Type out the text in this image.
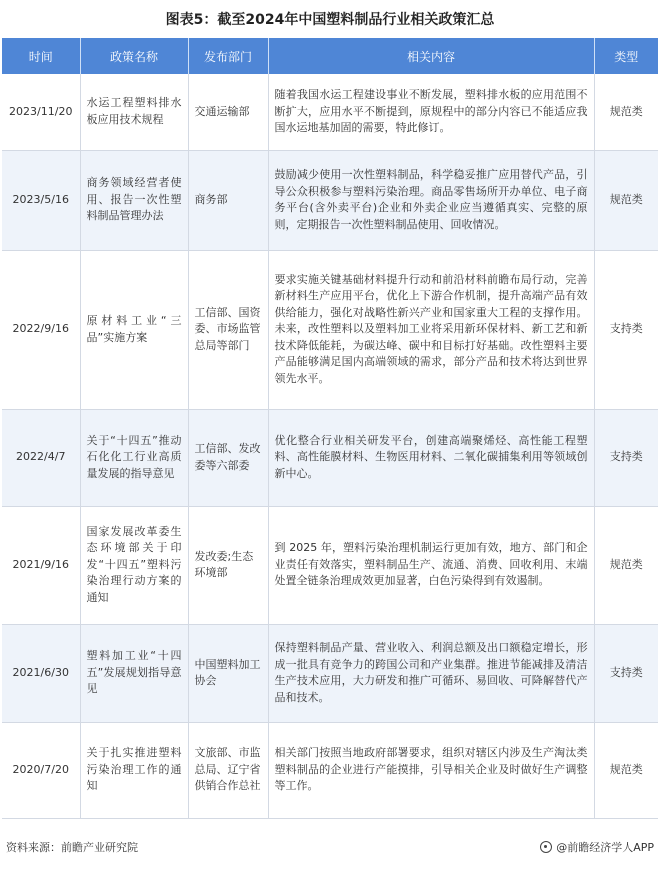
图表5：截至2024年中国塑料制品行业相关政策汇总
时间	政策名称	发布部门	相关内容	类型
2023/11/20	水运工程塑料排水板应用技术规程	交通运输部	随着我国水运工程建设事业不断发展，塑料排水板的应用范围不断扩大，应用水平不断提到，原规程中的部分内容已不能适应我国水运地基加固的需要，特此修订。	规范类
2023/5/16	商务领域经营者使用、报告一次性塑料制品管理办法	商务部	鼓励减少使用一次性塑料制品，科学稳妥推广应用替代产品，引导公众积极参与塑料污染治理。商品零售场所开办单位、电子商务平台(含外卖平台)企业和外卖企业应当遵循真实、完整的原则，定期报告一次性塑料制品使用、回收情况。	规范类
2022/9/16	原材料工业“三品”实施方案	工信部、国资委、市场监管总局等部门	要求实施关键基础材料提升行动和前沿材料前瞻布局行动，完善新材料生产应用平台，优化上下游合作机制，提升高端产品有效供给能力，强化对战略性新兴产业和国家重大工程的支撑作用。未来，改性塑料以及塑料加工业将采用新环保材料、新工艺和新技术降低能耗，为碳达峰、碳中和目标打好基础。改性塑料主要产品能够满足国内高端领域的需求，部分产品和技术将达到世界领先水平。	支持类
2022/4/7	关于“十四五”推动石化化工行业高质量发展的指导意见	工信部、发改委等六部委	优化整合行业相关研发平台，创建高端聚烯烃、高性能工程塑料、高性能膜材料、生物医用材料、二氧化碳捕集利用等领域创新中心。	支持类
2021/9/16	国家发展改革委生态环境部关于印发“十四五”塑料污染治理行动方案的通知	发改委;生态环境部	到 2025 年，塑料污染治理机制运行更加有效，地方、部门和企业责任有效落实，塑料制品生产、流通、消费、回收利用、末端处置全链条治理成效更加显著，白色污染得到有效遏制。	规范类
2021/6/30	塑料加工业“十四五”发展规划指导意见	中国塑料加工协会	保持塑料制品产量、营业收入、利润总额及出口额稳定增长，形成一批具有竞争力的跨国公司和产业集群。推进节能减排及清洁生产技术应用，大力研发和推广可循环、易回收、可降解替代产品和技术。	支持类
2020/7/20	关于扎实推进塑料污染治理工作的通知	文旅部、市监总局、辽宁省供销合作总社	相关部门按照当地政府部署要求，组织对辖区内涉及生产淘汰类塑料制品的企业进行产能摸排，引导相关企业及时做好生产调整等工作。	规范类
资料来源：前瞻产业研究院	@前瞻经济学人APP
